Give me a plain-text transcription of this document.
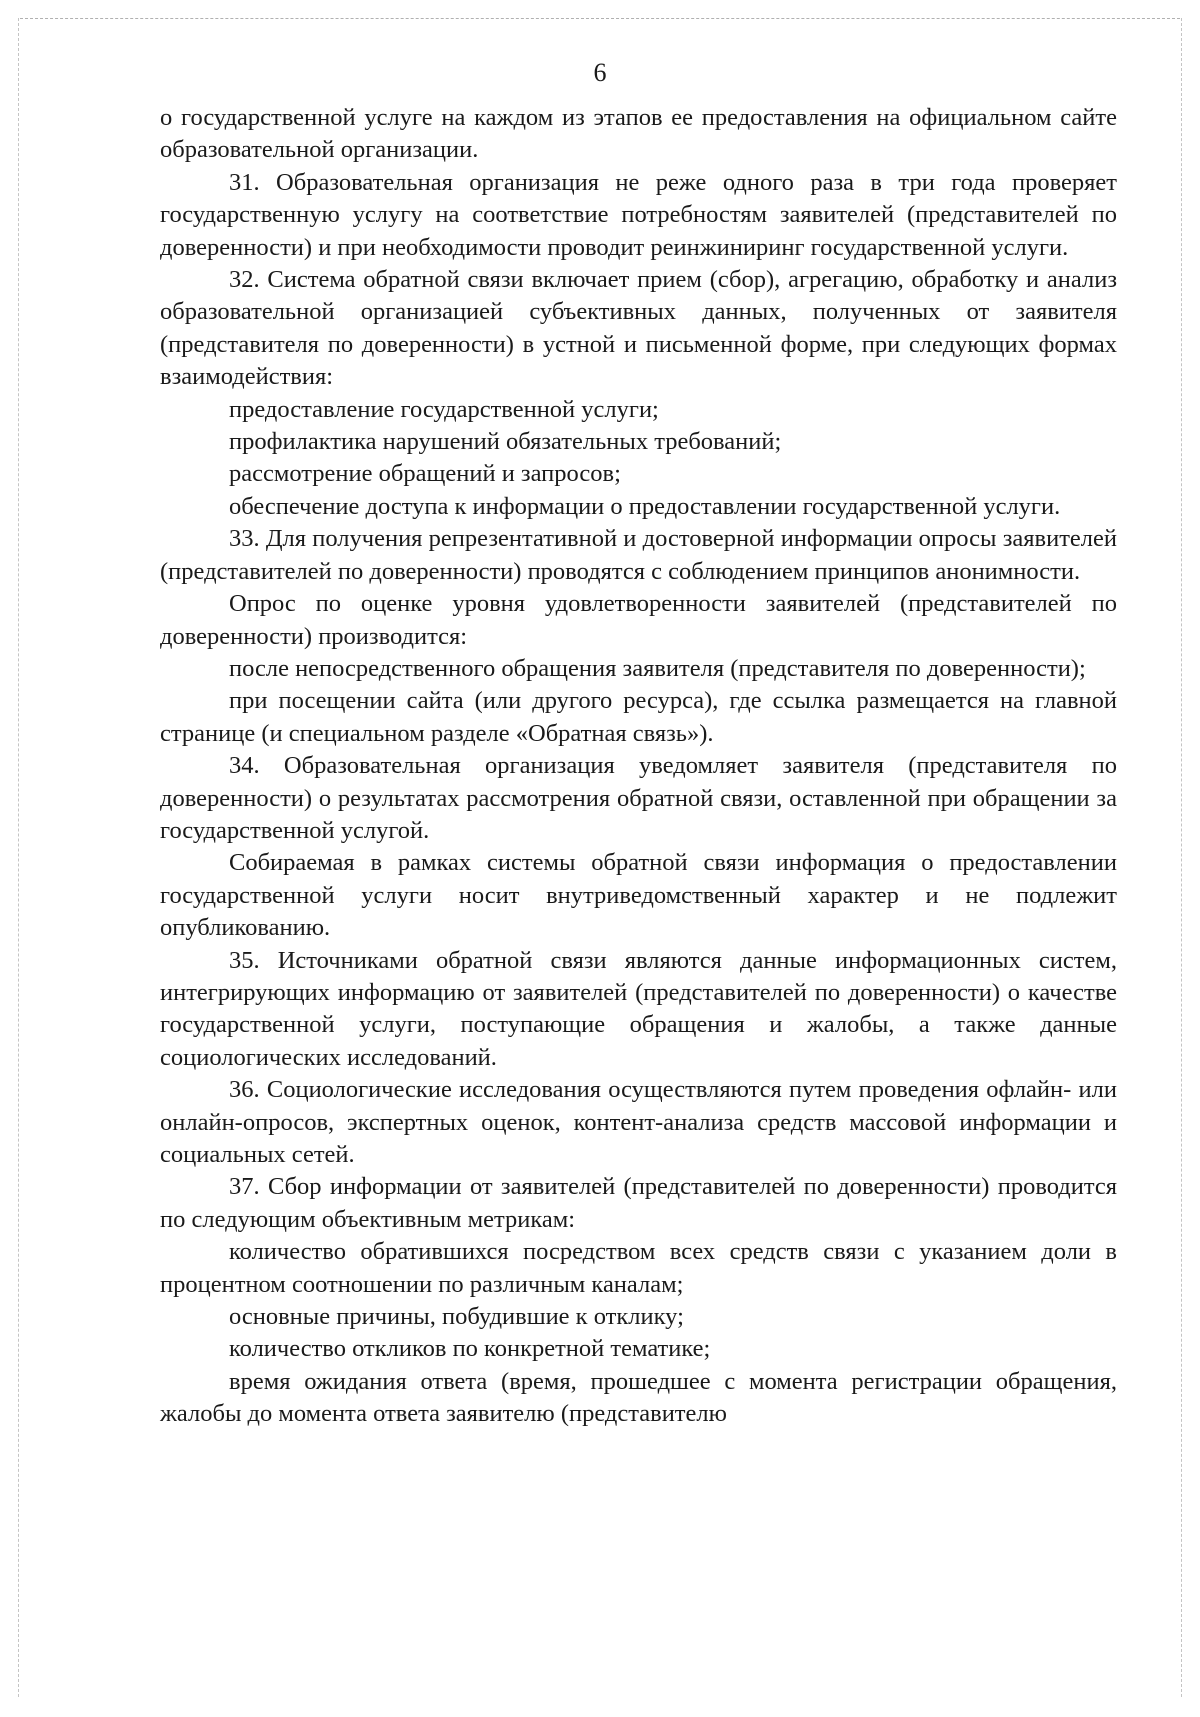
6

о государственной услуге на каждом из этапов ее предоставления на официальном сайте образовательной организации.

31. Образовательная организация не реже одного раза в три года проверяет государственную услугу на соответствие потребностям заявителей (представителей по доверенности) и при необходимости проводит реинжиниринг государственной услуги.

32. Система обратной связи включает прием (сбор), агрегацию, обработку и анализ образовательной организацией субъективных данных, полученных от заявителя (представителя по доверенности) в устной и письменной форме, при следующих формах взаимодействия:

предоставление государственной услуги;

профилактика нарушений обязательных требований;

рассмотрение обращений и запросов;

обеспечение доступа к информации о предоставлении государственной услуги.

33. Для получения репрезентативной и достоверной информации опросы заявителей (представителей по доверенности) проводятся с соблюдением принципов анонимности.

Опрос по оценке уровня удовлетворенности заявителей (представителей по доверенности) производится:

после непосредственного обращения заявителя (представителя по доверенности);

при посещении сайта (или другого ресурса), где ссылка размещается на главной странице (и специальном разделе «Обратная связь»).

34. Образовательная организация уведомляет заявителя (представителя по доверенности) о результатах рассмотрения обратной связи, оставленной при обращении за государственной услугой.

Собираемая в рамках системы обратной связи информация о предоставлении государственной услуги носит внутриведомственный характер и не подлежит опубликованию.

35. Источниками обратной связи являются данные информационных систем, интегрирующих информацию от заявителей (представителей по доверенности) о качестве государственной услуги, поступающие обращения и жалобы, а также данные социологических исследований.

36. Социологические исследования осуществляются путем проведения офлайн- или онлайн-опросов, экспертных оценок, контент-анализа средств массовой информации и социальных сетей.

37. Сбор информации от заявителей (представителей по доверенности) проводится по следующим объективным метрикам:

количество обратившихся посредством всех средств связи с указанием доли в процентном соотношении по различным каналам;

основные причины, побудившие к отклику;

количество откликов по конкретной тематике;

время ожидания ответа (время, прошедшее с момента регистрации обращения, жалобы до момента ответа заявителю (представителю
